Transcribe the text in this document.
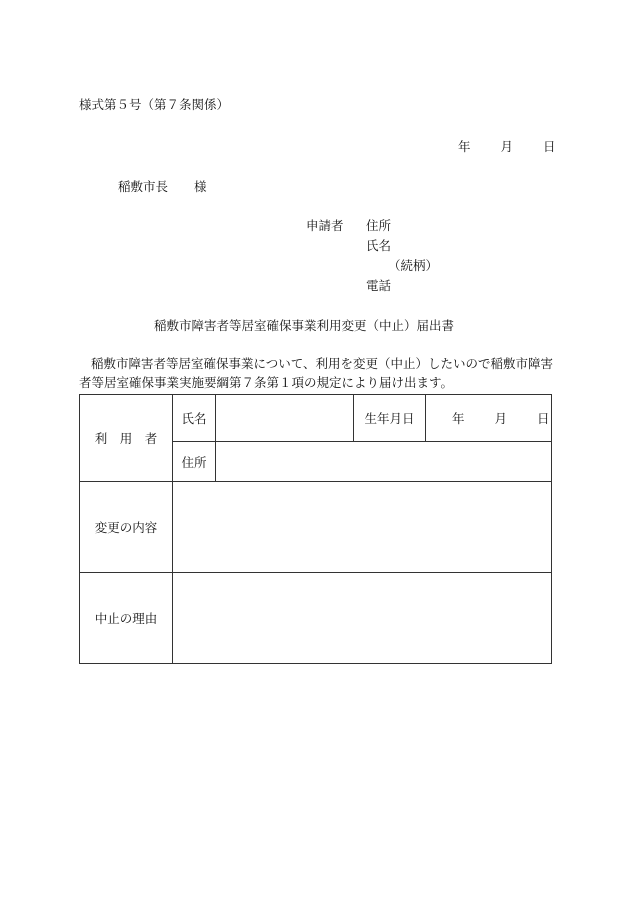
様式第５号（第７条関係）
年 月 日
稲敷市長 様
申請者 住所
氏名
（続柄）
電話
稲敷市障害者等居室確保事業利用変更（中止）届出書
稲敷市障害者等居室確保事業について、利用を変更（中止）したいので稲敷市障害者等居室確保事業実施要綱第７条第１項の規定により届け出ます。
利　用　者	氏名		生年月日	年 月 日
	住所			
変更の内容				
中止の理由				
